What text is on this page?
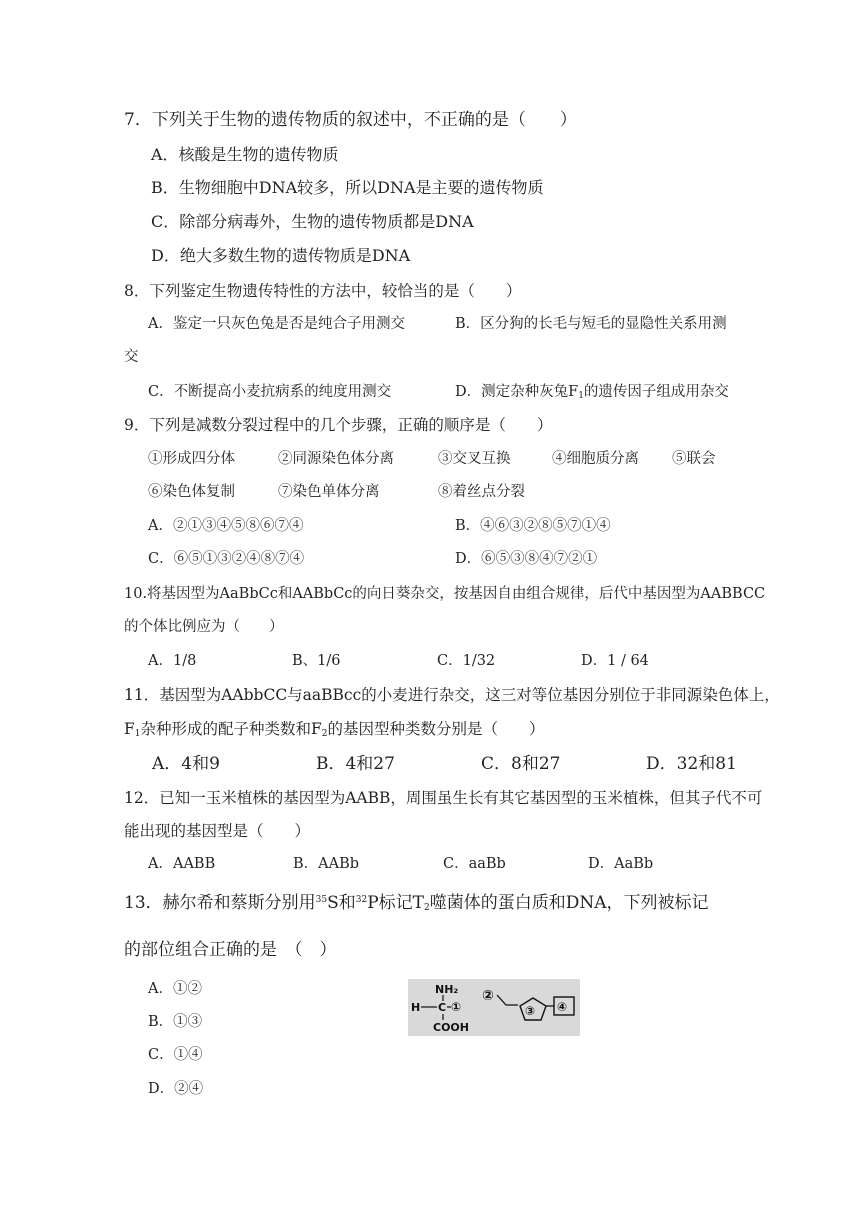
7．下列关于生物的遗传物质的叙述中，不正确的是（　　）
A．核酸是生物的遗传物质
B．生物细胞中DNA较多，所以DNA是主要的遗传物质
C．除部分病毒外，生物的遗传物质都是DNA
D．绝大多数生物的遗传物质是DNA
8．下列鉴定生物遗传特性的方法中，较恰当的是（　　）
A．鉴定一只灰色兔是否是纯合子用测交	B．区分狗的长毛与短毛的显隐性关系用测
交
C．不断提高小麦抗病系的纯度用测交	D．测定杂种灰兔$F_1$的遗传因子组成用杂交
9．下列是减数分裂过程中的几个步骤，正确的顺序是（　　）
①形成四分体	②同源染色体分离	③交叉互换	④细胞质分离 ⑤联会
⑥染色体复制	⑦染色单体分离	⑧着丝点分裂
A．②①③④⑤⑧⑥⑦④	B．④⑥③②⑧⑤⑦①④
C．⑥⑤①③②④⑧⑦④	D．⑥⑤③⑧④⑦②①
10.将基因型为AaBbCc和AABbCc的向日葵杂交，按基因自由组合规律，后代中基因型为AABBCC
的个体比例应为（　　）
A．1/8	B、1/6	C．1/32	D．1 / 64
11．基因型为AAbbCC与aaBBcc的小麦进行杂交，这三对等位基因分别位于非同源染色体上，
$F_1$杂种形成的配子种类数和$F_2$的基因型种类数分别是（　　）
A．4和9	B．4和27	C．8和27	D．32和81
12．已知一玉米植株的基因型为AABB，周围虽生长有其它基因型的玉米植株，但其子代不可
能出现的基因型是（　　）
A．AABB	B．AABb	C．aaBb	D．AaBb
13．赫尔希和蔡斯分别用$^{35}$S和$^{32}$P标记$T_2$噬菌体的蛋白质和DNA，下列被标记
的部位组合正确的是　（　）
A．①②
B．①③
C．①④
D．②④
NH₂
H C ①
COOH
②
③ ④
